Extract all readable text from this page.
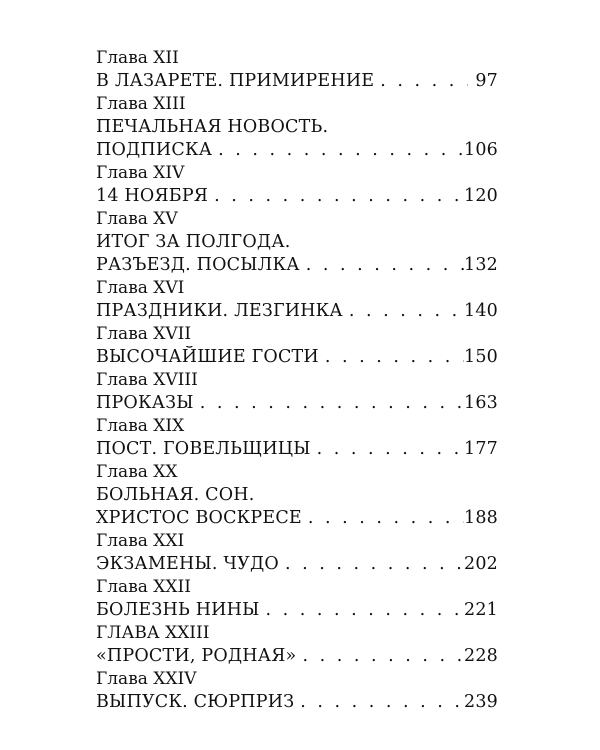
Глава XII
В ЛАЗАРЕТЕ. ПРИМИРЕНИЕ . . .	97
Глава XIII
ПЕЧАЛЬНАЯ НОВОСТЬ.
ПОДПИСКА . . .	106
Глава XIV
14 НОЯБРЯ . . .	120
Глава XV
ИТОГ ЗА ПОЛГОДА.
РАЗЪЕЗД. ПОСЫЛКА . . .	132
Глава XVI
ПРАЗДНИКИ. ЛЕЗГИНКА . . .	140
Глава XVII
ВЫСОЧАЙШИЕ ГОСТИ . . .	150
Глава XVIII
ПРОКАЗЫ . . .	163
Глава XIX
ПОСТ. ГОВЕЛЬЩИЦЫ . . .	177
Глава XX
БОЛЬНАЯ. СОН.
ХРИСТОС ВОСКРЕСЕ . . .	188
Глава XXI
ЭКЗАМЕНЫ. ЧУДО . . .	202
Глава XXII
БОЛЕЗНЬ НИНЫ . . .	221
ГЛАВА XXIII
«ПРОСТИ, РОДНАЯ» . . .	228
Глава XXIV
ВЫПУСК. СЮРПРИЗ . . .	239
